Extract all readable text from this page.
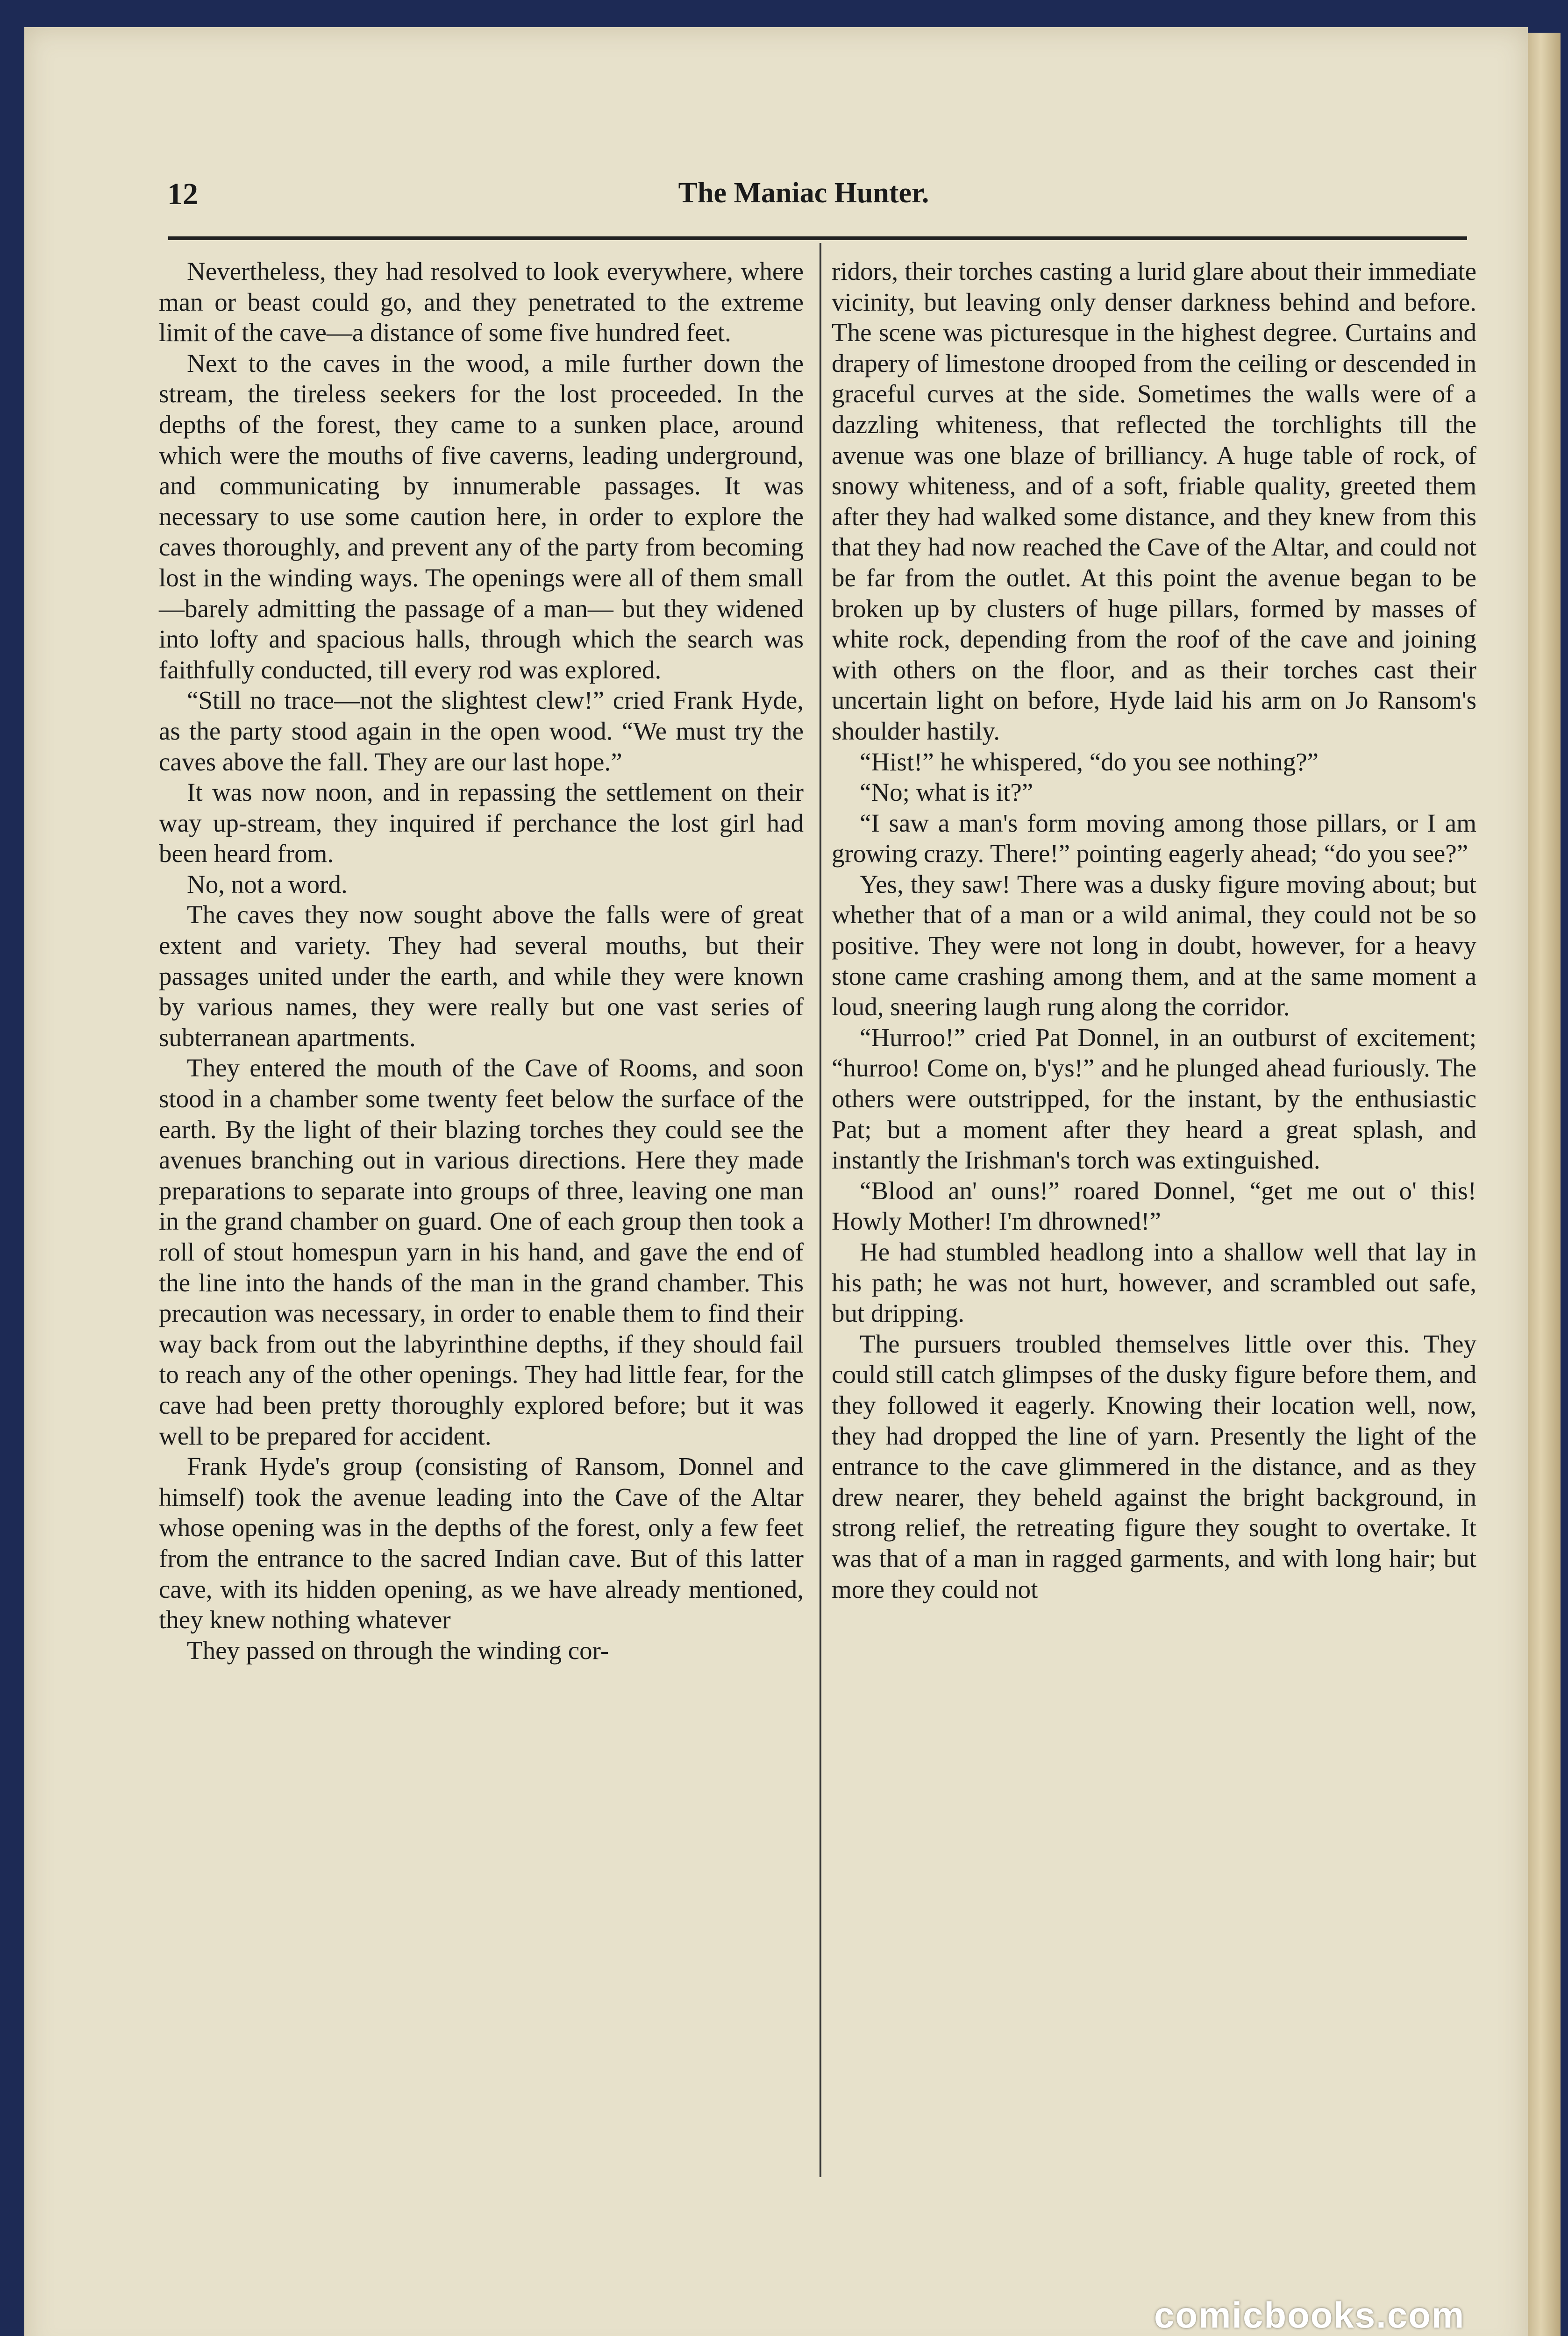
12	The Maniac Hunter.

Nevertheless, they had resolved to look everywhere, where man or beast could go, and they penetrated to the extreme limit of the cave—a distance of some five hundred feet.

Next to the caves in the wood, a mile further down the stream, the tireless seekers for the lost proceeded. In the depths of the forest, they came to a sunken place, around which were the mouths of five caverns, leading underground, and communicating by innumerable passages. It was necessary to use some caution here, in order to explore the caves thoroughly, and prevent any of the party from becoming lost in the winding ways. The openings were all of them small —barely admitting the passage of a man— but they widened into lofty and spacious halls, through which the search was faithfully conducted, till every rod was explored.

“Still no trace—not the slightest clew!” cried Frank Hyde, as the party stood again in the open wood. “We must try the caves above the fall. They are our last hope.”

It was now noon, and in repassing the settlement on their way up-stream, they inquired if perchance the lost girl had been heard from.

No, not a word.

The caves they now sought above the falls were of great extent and variety. They had several mouths, but their passages united under the earth, and while they were known by various names, they were really but one vast series of subterranean apartments.

They entered the mouth of the Cave of Rooms, and soon stood in a chamber some twenty feet below the surface of the earth. By the light of their blazing torches they could see the avenues branching out in various directions. Here they made preparations to separate into groups of three, leaving one man in the grand chamber on guard. One of each group then took a roll of stout homespun yarn in his hand, and gave the end of the line into the hands of the man in the grand chamber. This precaution was necessary, in order to enable them to find their way back from out the labyrinthine depths, if they should fail to reach any of the other openings. They had little fear, for the cave had been pretty thoroughly explored before; but it was well to be prepared for accident.

Frank Hyde's group (consisting of Ransom, Donnel and himself) took the avenue leading into the Cave of the Altar whose opening was in the depths of the forest, only a few feet from the entrance to the sacred Indian cave. But of this latter cave, with its hidden opening, as we have already mentioned, they knew nothing whatever

They passed on through the winding cor-

ridors, their torches casting a lurid glare about their immediate vicinity, but leaving only denser darkness behind and before. The scene was picturesque in the highest degree. Curtains and drapery of limestone drooped from the ceiling or descended in graceful curves at the side. Sometimes the walls were of a dazzling whiteness, that reflected the torchlights till the avenue was one blaze of brilliancy. A huge table of rock, of snowy whiteness, and of a soft, friable quality, greeted them after they had walked some distance, and they knew from this that they had now reached the Cave of the Altar, and could not be far from the outlet. At this point the avenue began to be broken up by clusters of huge pillars, formed by masses of white rock, depending from the roof of the cave and joining with others on the floor, and as their torches cast their uncertain light on before, Hyde laid his arm on Jo Ransom's shoulder hastily.

“Hist!” he whispered, “do you see nothing?”

“No; what is it?”

“I saw a man's form moving among those pillars, or I am growing crazy. There!” pointing eagerly ahead; “do you see?”

Yes, they saw! There was a dusky figure moving about; but whether that of a man or a wild animal, they could not be so positive. They were not long in doubt, however, for a heavy stone came crashing among them, and at the same moment a loud, sneering laugh rung along the corridor.

“Hurroo!” cried Pat Donnel, in an outburst of excitement; “hurroo! Come on, b'ys!” and he plunged ahead furiously. The others were outstripped, for the instant, by the enthusiastic Pat; but a moment after they heard a great splash, and instantly the Irishman's torch was extinguished.

“Blood an' ouns!” roared Donnel, “get me out o' this! Howly Mother! I'm dhrowned!”

He had stumbled headlong into a shallow well that lay in his path; he was not hurt, however, and scrambled out safe, but dripping.

The pursuers troubled themselves little over this. They could still catch glimpses of the dusky figure before them, and they followed it eagerly. Knowing their location well, now, they had dropped the line of yarn. Presently the light of the entrance to the cave glimmered in the distance, and as they drew nearer, they beheld against the bright background, in strong relief, the retreating figure they sought to overtake. It was that of a man in ragged garments, and with long hair; but more they could not

comicbooks.com
